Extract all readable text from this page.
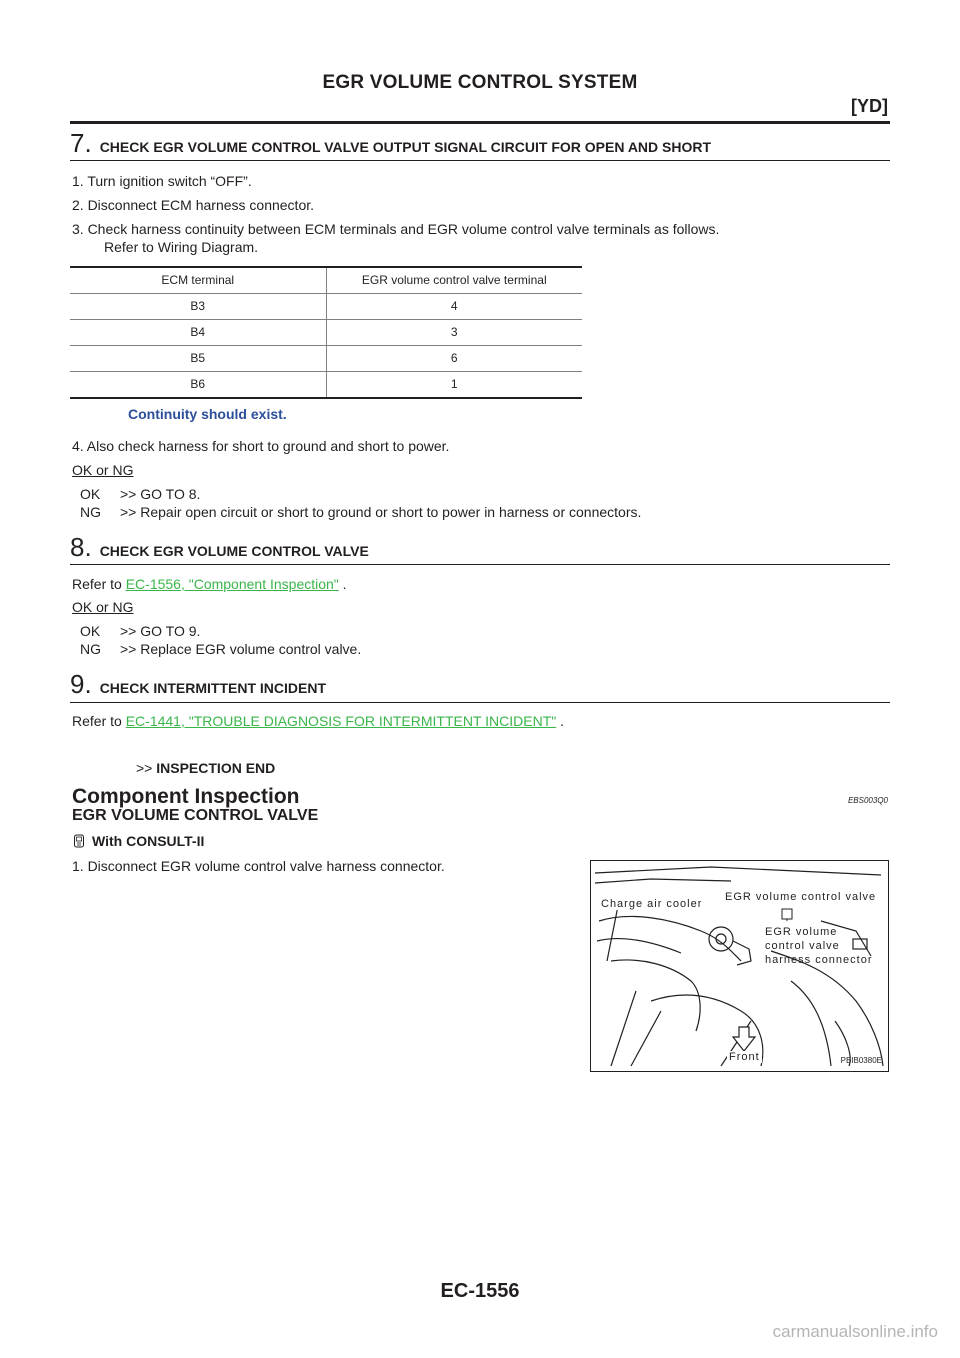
EGR VOLUME CONTROL SYSTEM
[YD]
7. CHECK EGR VOLUME CONTROL VALVE OUTPUT SIGNAL CIRCUIT FOR OPEN AND SHORT
1. Turn ignition switch “OFF”.
2. Disconnect ECM harness connector.
3. Check harness continuity between ECM terminals and EGR volume control valve terminals as follows.
Refer to Wiring Diagram.
ECM terminal	EGR volume control valve terminal
B3	4
B4	3
B5	6
B6	1
Continuity should exist.
4. Also check harness for short to ground and short to power.
OK or NG
OK	>> GO TO 8.
NG	>> Repair open circuit or short to ground or short to power in harness or connectors.
8. CHECK EGR VOLUME CONTROL VALVE
Refer to EC-1556, "Component Inspection" .
OK or NG
OK	>> GO TO 9.
NG	>> Replace EGR volume control valve.
9. CHECK INTERMITTENT INCIDENT
Refer to EC-1441, "TROUBLE DIAGNOSIS FOR INTERMITTENT INCIDENT" .
>> INSPECTION END
Component Inspection	EBS003Q0
EGR VOLUME CONTROL VALVE
With CONSULT-II
1. Disconnect EGR volume control valve harness connector.
Charge air cooler
EGR volume control valve
EGR volume
control valve
harness connector
Front	PBIB0380E
EC-1556
carmanualsonline.info
